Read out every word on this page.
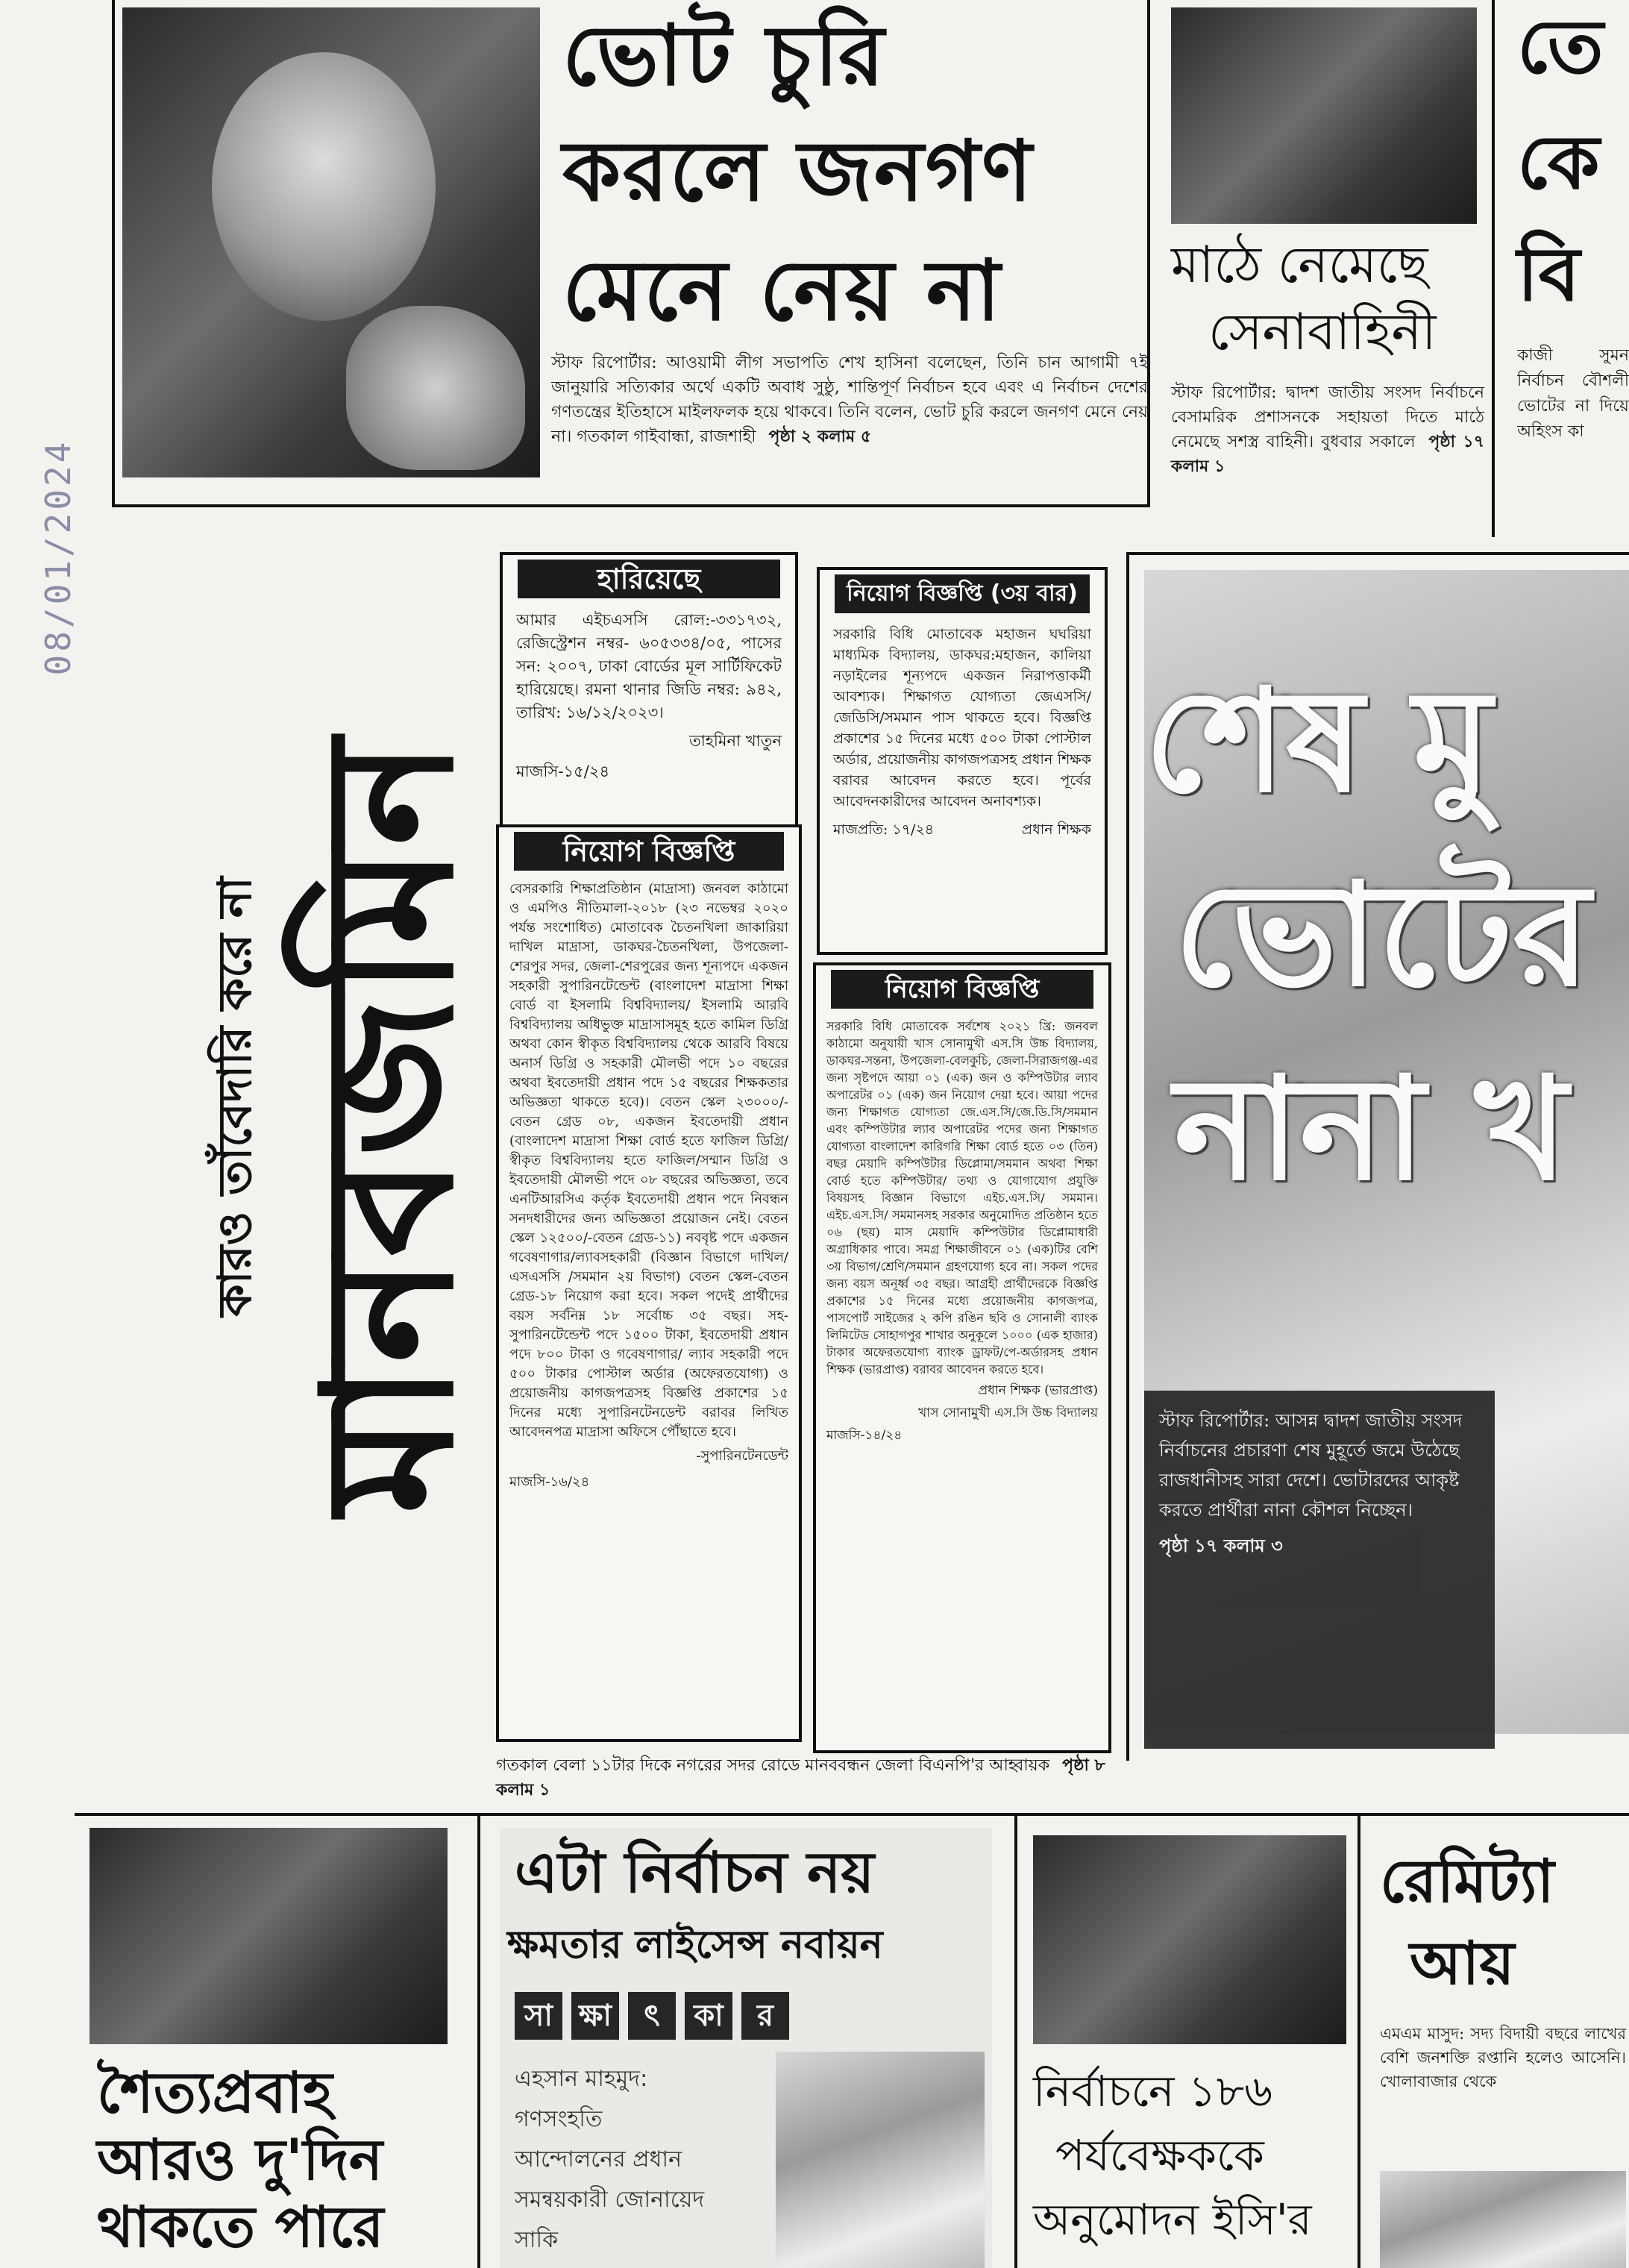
08/01/2024
ভোট চুরি
করলে জনগণ
মেনে নেয় না
স্টাফ রিপোর্টার: আওয়ামী লীগ সভাপতি শেখ হাসিনা বলেছেন, তিনি চান আগামী ৭ই জানুয়ারি সত্যিকার অর্থে একটি অবাধ সুষ্ঠু, শান্তিপূর্ণ নির্বাচন হবে এবং এ নির্বাচন দেশের গণতন্ত্রের ইতিহাসে মাইলফলক হয়ে থাকবে। তিনি বলেন, ভোট চুরি করলে জনগণ মেনে নেয় না। গতকাল গাইবান্ধা, রাজশাহী পৃষ্ঠা ২ কলাম ৫
মাঠে নেমেছে
সেনাবাহিনী
স্টাফ রিপোর্টার: দ্বাদশ জাতীয় সংসদ নির্বাচনে বেসামরিক প্রশাসনকে সহায়তা দিতে মাঠে নেমেছে সশস্ত্র বাহিনী। বুধবার সকালে পৃষ্ঠা ১৭ কলাম ১
তে
কে
বি
কাজী সুমন নির্বাচন বৌশলী ভোটের না দিয়ে অহিংস কা
মানবজমিন
কারও তাঁবেদারি করে না
হারিয়েছে
আমার এইচএসসি রোল:-৩৩১৭৩২, রেজিস্ট্রেশন নম্বর- ৬০৫৩৩৪/০৫, পাসের সন: ২০০৭, ঢাকা বোর্ডের মূল সার্টিফিকেট হারিয়েছে। রমনা থানার জিডি নম্বর: ৯৪২, তারিখ: ১৬/১২/২০২৩।
তাহমিনা খাতুন
মাজসি-১৫/২৪
নিয়োগ বিজ্ঞপ্তি
বেসরকারি শিক্ষাপ্রতিষ্ঠান (মাদ্রাসা) জনবল কাঠামো ও এমপিও নীতিমালা-২০১৮ (২৩ নভেম্বর ২০২০ পর্যন্ত সংশোধিত) মোতাবেক চৈতনখিলা জাকারিয়া দাখিল মাদ্রাসা, ডাকঘর-চৈতনখিলা, উপজেলা-শেরপুর সদর, জেলা-শেরপুরের জন্য শূন্যপদে একজন সহকারী সুপারিনটেন্ডেন্ট (বাংলাদেশ মাদ্রাসা শিক্ষা বোর্ড বা ইসলামি বিশ্ববিদ্যালয়/ ইসলামি আরবি বিশ্ববিদ্যালয় অধিভুক্ত মাদ্রাসাসমূহ হতে কামিল ডিগ্রি অথবা কোন স্বীকৃত বিশ্ববিদ্যালয় থেকে আরবি বিষয়ে অনার্স ডিগ্রি ও সহকারী মৌলভী পদে ১০ বছরের অথবা ইবতেদায়ী প্রধান পদে ১৫ বছরের শিক্ষকতার অভিজ্ঞতা থাকতে হবে)। বেতন স্কেল ২৩০০০/-বেতন গ্রেড ০৮, একজন ইবতেদায়ী প্রধান (বাংলাদেশ মাদ্রাসা শিক্ষা বোর্ড হতে ফাজিল ডিগ্রি/স্বীকৃত বিশ্ববিদ্যালয় হতে ফাজিল/সম্মান ডিগ্রি ও ইবতেদায়ী মৌলভী পদে ০৮ বছরের অভিজ্ঞতা, তবে এনটিআরসিএ কর্তৃক ইবতেদায়ী প্রধান পদে নিবন্ধন সনদধারীদের জন্য অভিজ্ঞতা প্রয়োজন নেই। বেতন স্কেল ১২৫০০/-বেতন গ্রেড-১১) নববৃষ্ট পদে একজন গবেষণাগার/ল্যাবসহকারী (বিজ্ঞান বিভাগে দাখিল/এসএসসি /সমমান ২য় বিভাগ) বেতন স্কেল-বেতন গ্রেড-১৮ নিয়োগ করা হবে। সকল পদেই প্রার্থীদের বয়স সর্বনিম্ন ১৮ সর্বোচ্চ ৩৫ বছর। সহ-সুপারিনটেন্ডেন্ট পদে ১৫০০ টাকা, ইবতেদায়ী প্রধান পদে ৮০০ টাকা ও গবেষণাগার/ ল্যাব সহকারী পদে ৫০০ টাকার পোস্টাল অর্ডার (অফেরতযোগ্য) ও প্রয়োজনীয় কাগজপত্রসহ বিজ্ঞপ্তি প্রকাশের ১৫ দিনের মধ্যে সুপারিনটেনডেন্ট বরাবর লিখিত আবেদনপত্র মাদ্রাসা অফিসে পৌঁছাতে হবে।
-সুপারিনটেনডেন্ট
মাজসি-১৬/২৪
নিয়োগ বিজ্ঞপ্তি (৩য় বার)
সরকারি বিধি মোতাবেক মহাজন ঘঘরিয়া মাধ্যমিক বিদ্যালয়, ডাকঘর:মহাজন, কালিয়া নড়াইলের শূন্যপদে একজন নিরাপত্তাকর্মী আবশ্যক। শিক্ষাগত যোগ্যতা জেএসসি/জেডিসি/সমমান পাস থাকতে হবে। বিজ্ঞপ্তি প্রকাশের ১৫ দিনের মধ্যে ৫০০ টাকা পোস্টাল অর্ডার, প্রয়োজনীয় কাগজপত্রসহ প্রধান শিক্ষক বরাবর আবেদন করতে হবে। পূর্বের আবেদনকারীদের আবেদন অনাবশ্যক।
মাজপ্রতি: ১৭/২৪	প্রধান শিক্ষক
নিয়োগ বিজ্ঞপ্তি
সরকারি বিধি মোতাবেক সর্বশেষ ২০২১ খ্রি: জনবল কাঠামো অনুযায়ী খাস সোনামুখী এস.সি উচ্চ বিদ্যালয়, ডাকঘর-সন্তনা, উপজেলা-বেলকুচি, জেলা-সিরাজগঞ্জ-এর জন্য সৃষ্টপদে আয়া ০১ (এক) জন ও কম্পিউটার ল্যাব অপারেটর ০১ (এক) জন নিয়োগ দেয়া হবে। আয়া পদের জন্য শিক্ষাগত যোগ্যতা জে.এস.সি/জে.ডি.সি/সমমান এবং কম্পিউটার ল্যাব অপারেটর পদের জন্য শিক্ষাগত যোগ্যতা বাংলাদেশ কারিগরি শিক্ষা বোর্ড হতে ০৩ (তিন) বছর মেয়াদি কম্পিউটার ডিপ্লোমা/সমমান অথবা শিক্ষা বোর্ড হতে কম্পিউটার/ তথ্য ও যোগাযোগ প্রযুক্তি বিষয়সহ বিজ্ঞান বিভাগে এইচ.এস.সি/ সমমান। এইচ.এস.সি/ সমমানসহ সরকার অনুমোদিত প্রতিষ্ঠান হতে ০৬ (ছয়) মাস মেয়াদি কম্পিউটার ডিপ্লোমাধারী অগ্রাধিকার পাবে। সমগ্র শিক্ষাজীবনে ০১ (এক)টির বেশি ৩য় বিভাগ/শ্রেণি/সমমান গ্রহণযোগ্য হবে না। সকল পদের জন্য বয়স অনূর্ধ্ব ৩৫ বছর। আগ্রহী প্রার্থীদেরকে বিজ্ঞপ্তি প্রকাশের ১৫ দিনের মধ্যে প্রয়োজনীয় কাগজপত্র, পাসপোর্ট সাইজের ২ কপি রঙিন ছবি ও সোনালী ব্যাংক লিমিটেড সোহাগপুর শাখার অনুকূলে ১০০০ (এক হাজার) টাকার অফেরতযোগ্য ব্যাংক ড্রাফট/পে-অর্ডারসহ প্রধান শিক্ষক (ভারপ্রাপ্ত) বরাবর আবেদন করতে হবে।
প্রধান শিক্ষক (ভারপ্রাপ্ত)
খাস সোনামুখী এস.সি উচ্চ বিদ্যালয়
মাজসি-১৪/২৪
শেষ মু
ভোটের
নানা খ
স্টাফ রিপোর্টার: আসন্ন দ্বাদশ জাতীয় সংসদ নির্বাচনের প্রচারণা শেষ মুহূর্তে জমে উঠেছে রাজধানীসহ সারা দেশে। ভোটারদের আকৃষ্ট করতে প্রার্থীরা নানা কৌশল নিচ্ছেন।
পৃষ্ঠা ১৭ কলাম ৩
গতকাল বেলা ১১টার দিকে নগরের সদর রোডে মানববন্ধন জেলা বিএনপি'র আহ্বায়ক পৃষ্ঠা ৮ কলাম ১
শৈত্যপ্রবাহ
আরও দু'দিন
থাকতে পারে
এটা নির্বাচন নয়
ক্ষমতার লাইসেন্স নবায়ন
সা ক্ষা	ৎ	কা	র
এহসান মাহমুদ:
গণসংহতি
আন্দোলনের প্রধান
সমন্বয়কারী জোনায়েদ
সাকি
নির্বাচনে ১৮৬
পর্যবেক্ষককে
অনুমোদন ইসি'র
রেমিট্যা
আয়
এমএম মাসুদ: সদ্য বিদায়ী বছরে লাখের বেশি জনশক্তি রপ্তানি হলেও আসেনি। খোলাবাজার থেকে
